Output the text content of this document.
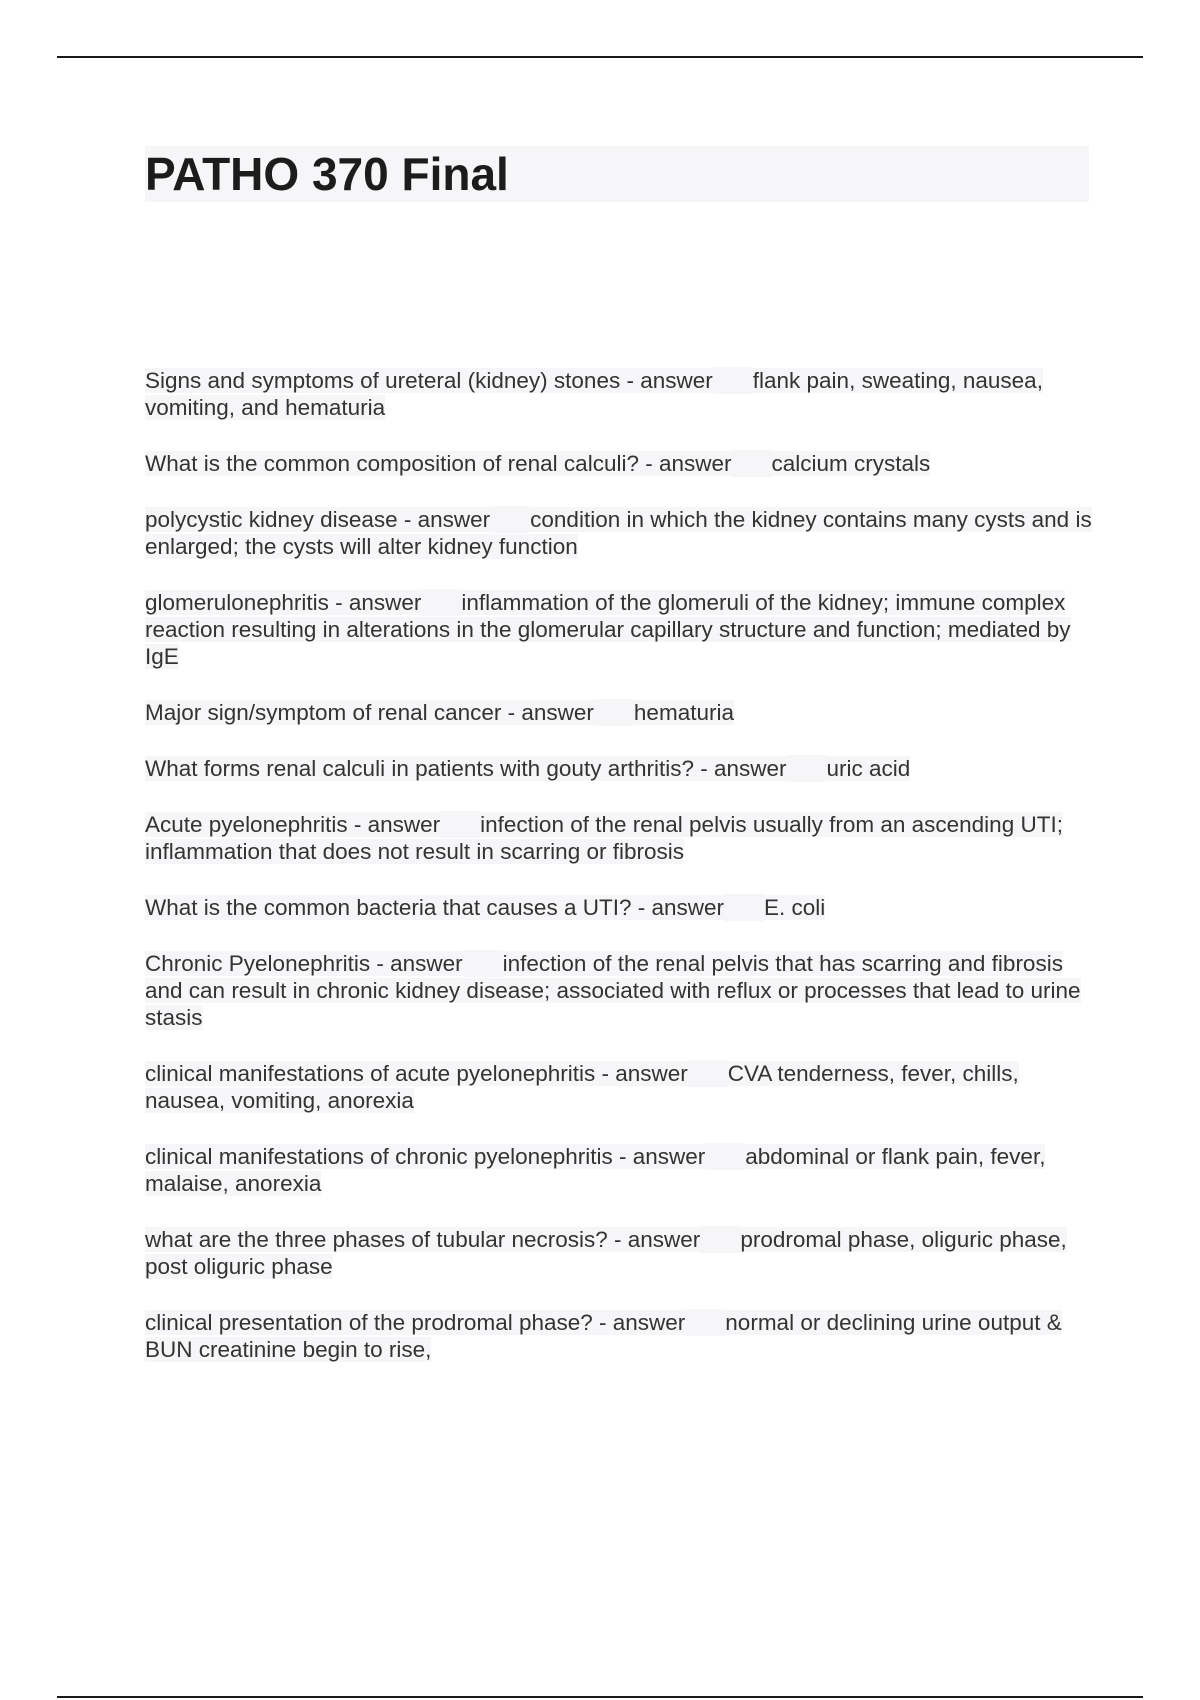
PATHO 370 Final
Signs and symptoms of ureteral (kidney) stones - answer flank pain, sweating, nausea, vomiting, and hematuria
What is the common composition of renal calculi? - answer calcium crystals
polycystic kidney disease - answer condition in which the kidney contains many cysts and is enlarged; the cysts will alter kidney function
glomerulonephritis - answer inflammation of the glomeruli of the kidney; immune complex reaction resulting in alterations in the glomerular capillary structure and function; mediated by IgE
Major sign/symptom of renal cancer - answer hematuria
What forms renal calculi in patients with gouty arthritis? - answer uric acid
Acute pyelonephritis - answer infection of the renal pelvis usually from an ascending UTI; inflammation that does not result in scarring or fibrosis
What is the common bacteria that causes a UTI? - answer E. coli
Chronic Pyelonephritis - answer infection of the renal pelvis that has scarring and fibrosis and can result in chronic kidney disease; associated with reflux or processes that lead to urine stasis
clinical manifestations of acute pyelonephritis - answer CVA tenderness, fever, chills, nausea, vomiting, anorexia
clinical manifestations of chronic pyelonephritis - answer abdominal or flank pain, fever, malaise, anorexia
what are the three phases of tubular necrosis? - answer prodromal phase, oliguric phase, post oliguric phase
clinical presentation of the prodromal phase? - answer normal or declining urine output & BUN creatinine begin to rise,
